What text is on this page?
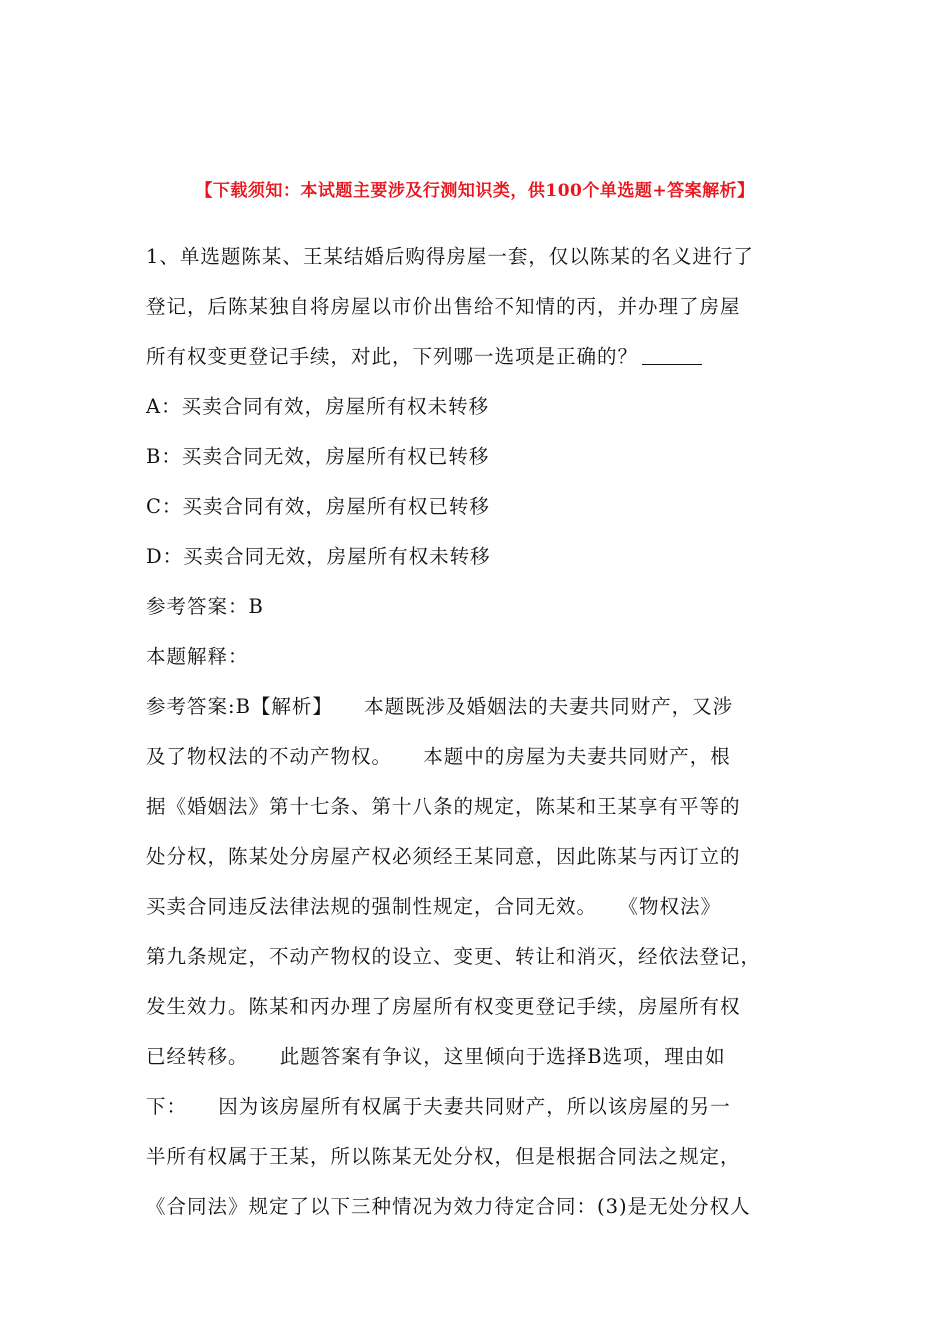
【下载须知：本试题主要涉及行测知识类，供100个单选题+答案解析】
1、单选题陈某、王某结婚后购得房屋一套，仅以陈某的名义进行了
登记，后陈某独自将房屋以市价出售给不知情的丙，并办理了房屋
所有权变更登记手续，对此，下列哪一选项是正确的？
A：买卖合同有效，房屋所有权未转移
B：买卖合同无效，房屋所有权已转移
C：买卖合同有效，房屋所有权已转移
D：买卖合同无效，房屋所有权未转移
参考答案：B
本题解释：
参考答案:B【解析】　　本题既涉及婚姻法的夫妻共同财产，又涉
及了物权法的不动产物权。　　本题中的房屋为夫妻共同财产，根
据《婚姻法》第十七条、第十八条的规定，陈某和王某享有平等的
处分权，陈某处分房屋产权必须经王某同意，因此陈某与丙订立的
买卖合同违反法律法规的强制性规定，合同无效。　　《物权法》
第九条规定，不动产物权的设立、变更、转让和消灭，经依法登记，
发生效力。陈某和丙办理了房屋所有权变更登记手续，房屋所有权
已经转移。　　此题答案有争议，这里倾向于选择B选项，理由如
下：　　因为该房屋所有权属于夫妻共同财产，所以该房屋的另一
半所有权属于王某，所以陈某无处分权，但是根据合同法之规定，
《合同法》规定了以下三种情况为效力待定合同：(3)是无处分权人
